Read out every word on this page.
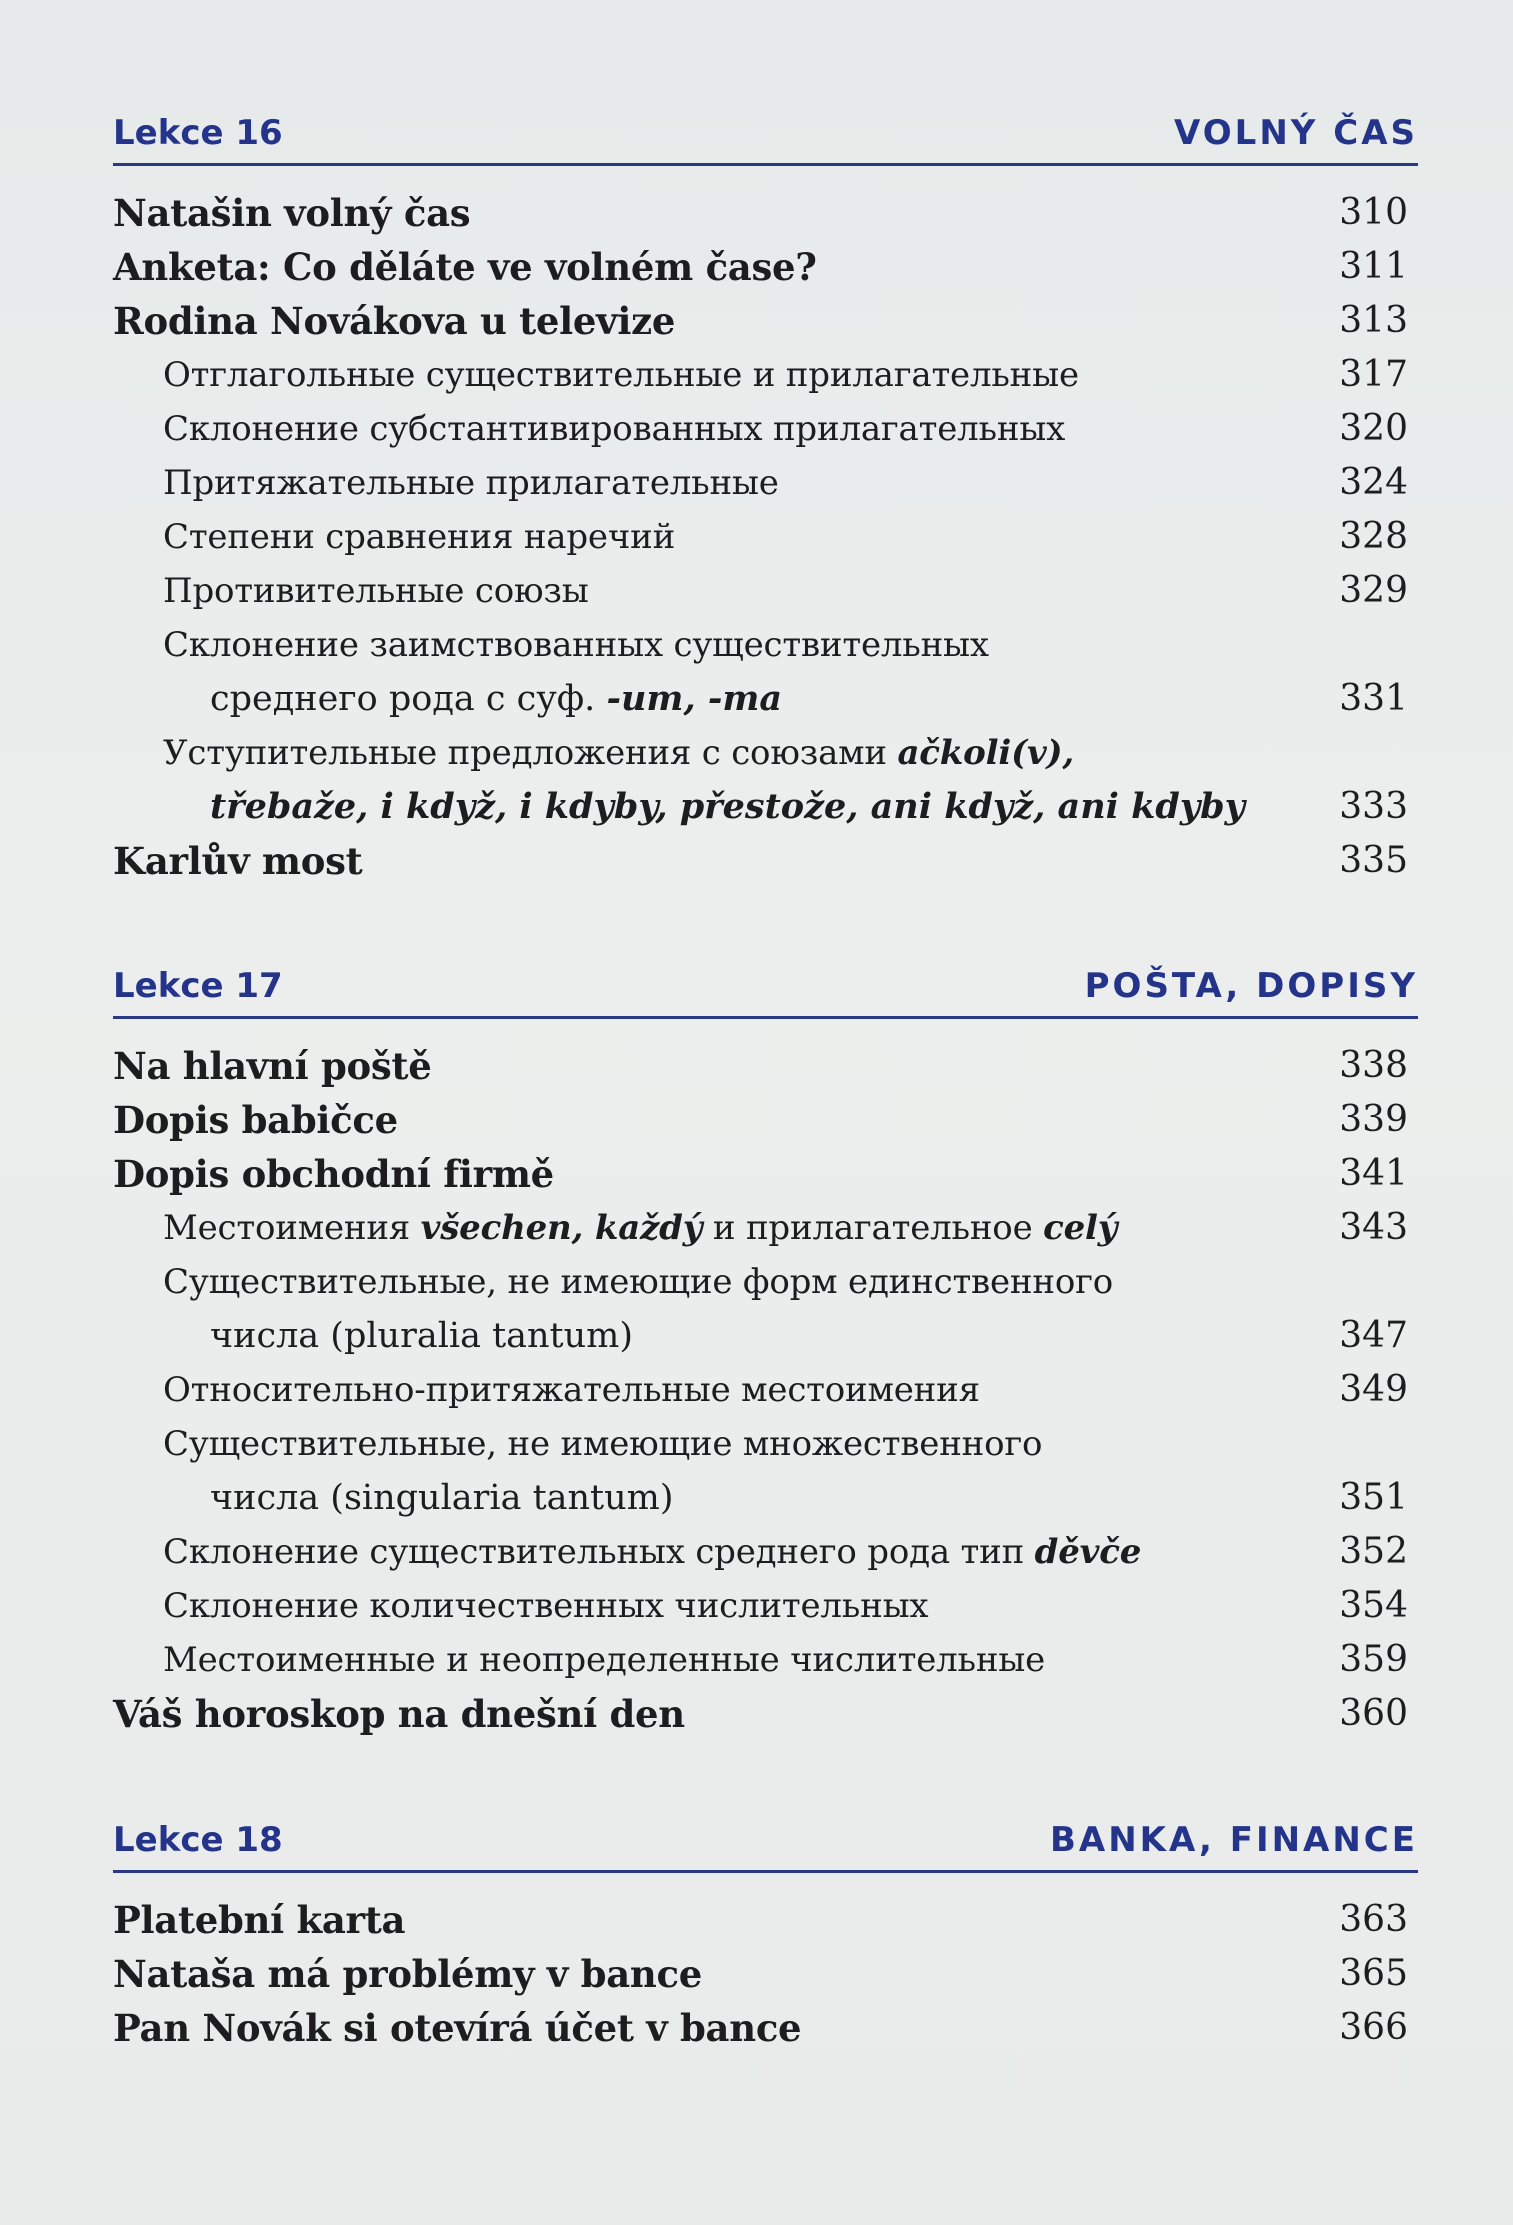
Lekce 16	VOLNÝ ČAS
Natašin volný čas	310
Anketa: Co děláte ve volném čase?	311
Rodina Novákova u televize	313
Отглагольные существительные и прилагательные	317
Склонение субстантивированных прилагательных	320
Притяжательные прилагательные	324
Степени сравнения наречий	328
Противительные союзы	329
Склонение заимствованных существительных
среднего рода с суф. -um, -ma	331
Уступительные предложения с союзами ačkoli(v),
třebaže, i když, i kdyby, přestože, ani když, ani kdyby	333
Karlův most	335
Lekce 17	POŠTA, DOPISY
Na hlavní poště	338
Dopis babičce	339
Dopis obchodní firmě	341
Местоимения všechen, každý и прилагательное celý	343
Существительные, не имеющие форм единственного
числа (pluralia tantum)	347
Относительно-притяжательные местоимения	349
Существительные, не имеющие множественного
числа (singularia tantum)	351
Склонение существительных среднего рода тип děvče	352
Склонение количественных числительных	354
Местоименные и неопределенные числительные	359
Váš horoskop na dnešní den	360
Lekce 18	BANKA, FINANCE
Platební karta	363
Nataša má problémy v bance	365
Pan Novák si otevírá účet v bance	366
